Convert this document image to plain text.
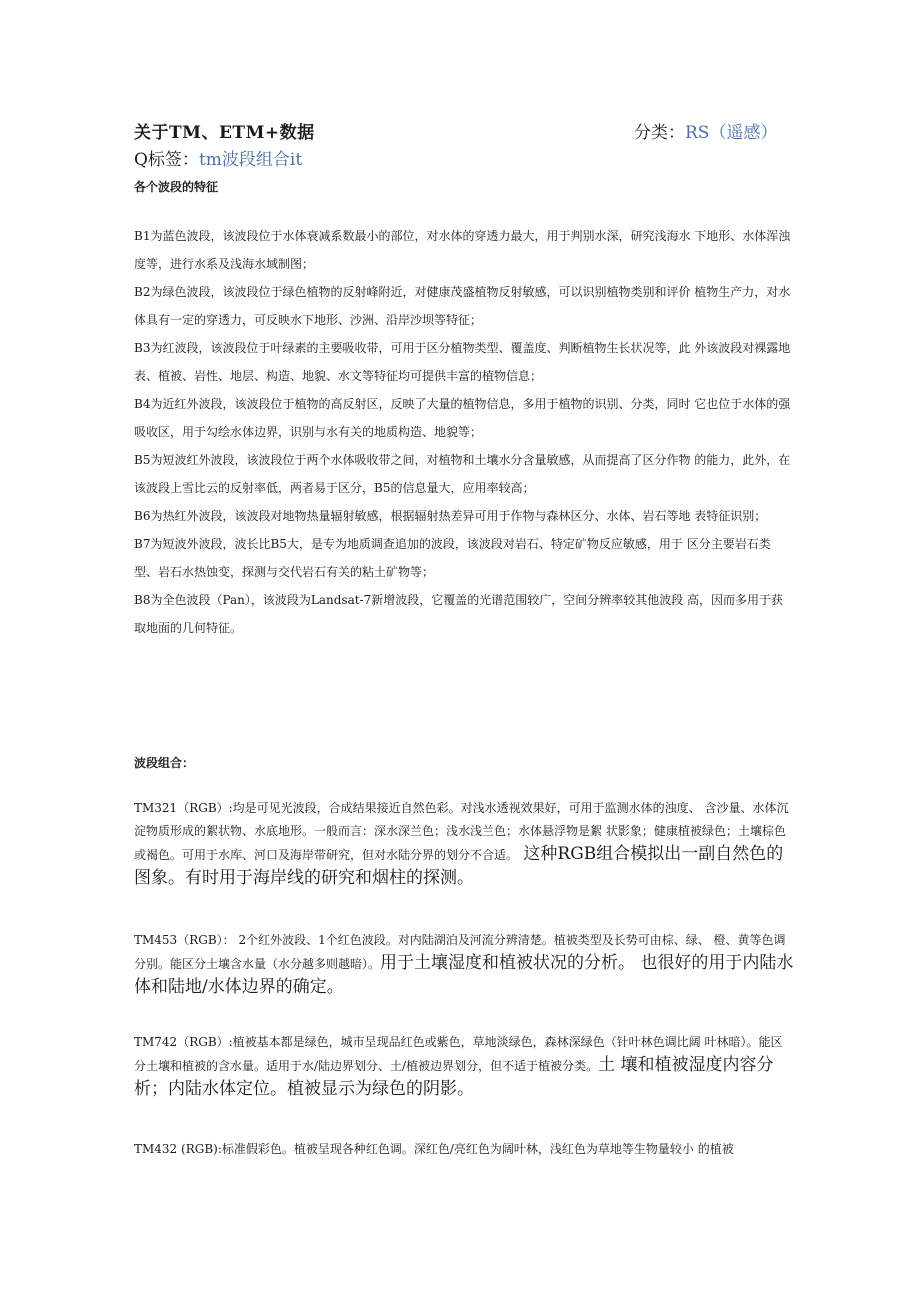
关于TM、ETM+数据	分类：RS（遥感）
Q标签：tm波段组合it
各个波段的特征

B1为蓝色波段，该波段位于水体衰减系数最小的部位，对水体的穿透力最大，用于判别水深，研究浅海水 下地形、水体浑浊度等，进行水系及浅海水域制图；

B2为绿色波段，该波段位于绿色植物的反射峰附近，对健康茂盛植物反射敏感，可以识别植物类别和评价 植物生产力，对水体具有一定的穿透力，可反映水下地形、沙洲、沿岸沙坝等特征；

B3为红波段，该波段位于叶绿素的主要吸收带，可用于区分植物类型、覆盖度、判断植物生长状况等，此 外该波段对裸露地表、植被、岩性、地层、构造、地貌、水文等特征均可提供丰富的植物信息；

B4为近红外波段，该波段位于植物的高反射区，反映了大量的植物信息，多用于植物的识别、分类，同时 它也位于水体的强吸收区，用于勾绘水体边界，识别与水有关的地质构造、地貌等；

B5为短波红外波段，该波段位于两个水体吸收带之间，对植物和土壤水分含量敏感，从而提高了区分作物 的能力，此外，在该波段上雪比云的反射率低，两者易于区分，B5的信息量大，应用率较高；

B6为热红外波段，该波段对地物热量辐射敏感，根据辐射热差异可用于作物与森林区分、水体、岩石等地 表特征识别；

B7为短波外波段，波长比B5大，是专为地质调查追加的波段，该波段对岩石、特定矿物反应敏感，用于 区分主要岩石类型、岩石水热蚀变，探测与交代岩石有关的粘土矿物等；

B8为全色波段（Pan），该波段为Landsat-7新增波段，它覆盖的光谱范围较广，空间分辨率较其他波段 高，因而多用于获取地面的几何特征。

波段组合：
TM321（RGB）:均是可见光波段，合成结果接近自然色彩。对浅水透视效果好，可用于监测水体的浊度、 含沙量、水体沉淀物质形成的絮状物、水底地形。一般而言：深水深兰色；浅水浅兰色；水体悬浮物是絮 状影象；健康植被绿色；土壤棕色或褐色。可用于水库、河口及海岸带研究，但对水陆分界的划分不合适。 这种RGB组合模拟出一副自然色的图象。有时用于海岸线的研究和烟柱的探测。
TM453（RGB）： 2个红外波段、1个红色波段。对内陆湖泊及河流分辨清楚。植被类型及长势可由棕、绿、 橙、黄等色调分别。能区分土壤含水量（水分越多则越暗）。用于土壤湿度和植被状况的分析。 也很好的用于内陆水体和陆地/水体边界的确定。
TM742（RGB）:植被基本都是绿色，城市呈现品红色或紫色，草地淡绿色，森林深绿色（针叶林色调比阔 叶林暗）。能区分土壤和植被的含水量。适用于水/陆边界划分、土/植被边界划分，但不适于植被分类。土 壤和植被湿度内容分析；内陆水体定位。植被显示为绿色的阴影。
TM432 (RGB):标准假彩色。植被呈现各种红色调。深红色/亮红色为阔叶林，浅红色为草地等生物量较小 的植被
